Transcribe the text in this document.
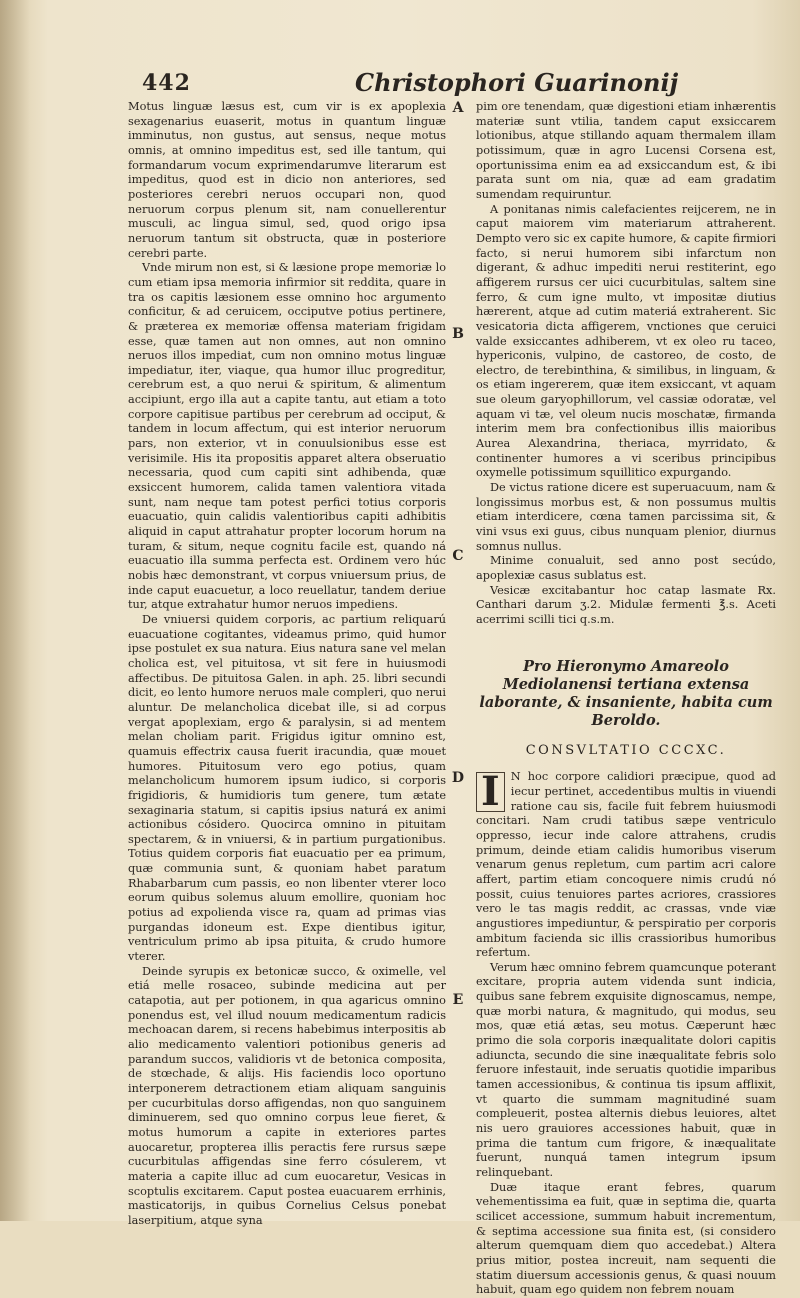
442	Christophori Guarinonij

Motus linguæ læsus est, cum vir is ex apoplexia sexagenarius euaserit, motus in quantum linguæ imminutus, non gustus, aut sensus, neque motus omnis, at omnino impeditus est, sed ille tantum, qui formandarum vocum exprimendarumve literarum est impeditus, quod est in dicio non anteriores, sed posteriores cerebri neruos occupari non, quod neruorum corpus plenum sit, nam conuellerentur musculi, ac lingua simul, sed, quod origo ipsa neruorum tantum sit obstructa, quæ in posteriore cerebri parte.

Vnde mirum non est, si & læsione prope memoriæ lo cum etiam ipsa memoria infirmior sit reddita, quare in tra os capitis læsionem esse omnino hoc argumento conficitur, & ad ceruicem, occiputve potius pertinere, & præterea ex memoriæ offensa materiam frigidam esse, quæ tamen aut non omnes, aut non omnino neruos illos impediat, cum non omnino motus linguæ impediatur, iter, viaque, qua humor illuc progreditur, cerebrum est, a quo nerui & spiritum, & alimentum accipiunt, ergo illa aut a capite tantu, aut etiam a toto corpore capitisue partibus per cerebrum ad occiput, & tandem in locum affectum, qui est interior neruorum pars, non exterior, vt in conuulsionibus esse est verisimile. His ita propositis apparet altera obseruatio necessaria, quod cum capiti sint adhibenda, quæ exsiccent humorem, calida tamen valentiora vitada sunt, nam neque tam potest perfici totius corporis euacuatio, quin calidis valentioribus capiti adhibitis aliquid in caput attrahatur propter locorum horum na turam, & situm, neque cognitu facile est, quando ná euacuatio illa summa perfecta est. Ordinem vero húc nobis hæc demonstrant, vt corpus vniuersum prius, de inde caput euacuetur, a loco reuellatur, tandem deriue tur, atque extrahatur humor neruos impediens.

De vniuersi quidem corporis, ac partium reliquarú euacuatione cogitantes, videamus primo, quid humor ipse postulet ex sua natura. Eius natura sane vel melan cholica est, vel pituitosa, vt sit fere in huiusmodi affectibus. De pituitosa Galen. in aph. 25. libri secundi dicit, eo lento humore neruos male compleri, quo nerui aluntur. De melancholica dicebat ille, si ad corpus vergat apoplexiam, ergo & paralysin, si ad mentem melan choliam parit. Frigidus igitur omnino est, quamuis effectrix causa fuerit iracundia, quæ mouet humores. Pituitosum vero ego potius, quam melancholicum humorem ipsum iudico, si corporis frigidioris, & humidioris tum genere, tum ætate sexaginaria statum, si capitis ipsius naturá ex animi actionibus cósidero. Quocirca omnino in pituitam spectarem, & in vniuersi, & in partium purgationibus. Totius quidem corporis fiat euacuatio per ea primum, quæ communia sunt, & quoniam habet paratum Rhabarbarum cum passis, eo non libenter vterer loco eorum quibus solemus aluum emollire, quoniam hoc potius ad expolienda visce ra, quam ad primas vias purgandas idoneum est. Expe dientibus igitur, ventriculum primo ab ipsa pituita, & crudo humore vterer.

Deinde syrupis ex betonicæ succo, & oximelle, vel etiá melle rosaceo, subinde medicina aut per catapotia, aut per potionem, in qua agaricus omnino ponendus est, vel illud nouum medicamentum radicis mechoacan darem, si recens habebimus interpositis ab alio medicamento valentiori potionibus generis ad parandum succos, validioris vt de betonica composita, de stœchade, & alijs. His faciendis loco oportuno interponerem detractionem etiam aliquam sanguinis per cucurbitulas dorso affigendas, non quo sanguinem diminuerem, sed quo omnino corpus leue fieret, & motus humorum a capite in exteriores partes auocaretur, propterea illis peractis fere rursus sæpe cucurbitulas affigendas sine ferro cósulerem, vt materia a capite illuc ad cum euocaretur, Vesicas in scoptulis excitarem. Caput postea euacuarem errhinis, masticatorijs, in quibus Cornelius Celsus ponebat laserpitium, atque syna

A
B
C
D
E

pim ore tenendam, quæ digestioni etiam inhærentis materiæ sunt vtilia, tandem caput exsiccarem lotionibus, atque stillando aquam thermalem illam potissimum, quæ in agro Lucensi Corsena est, oportunissima enim ea ad exsiccandum est, & ibi parata sunt om nia, quæ ad eam gradatim sumendam requiruntur.

A ponitanas nimis calefacientes reijcerem, ne in caput maiorem vim materiarum attraherent. Dempto vero sic ex capite humore, & capite firmiori facto, si nerui humorem sibi infarctum non digerant, & adhuc impediti nerui restiterint, ego affigerem rursus cer uici cucurbitulas, saltem sine ferro, & cum igne multo, vt impositæ diutius hærerent, atque ad cutim materiá extraherent. Sic vesicatoria dicta affigerem, vnctiones que ceruici valde exsiccantes adhiberem, vt ex oleo ru taceo, hypericonis, vulpino, de castoreo, de costo, de electro, de terebinthina, & similibus, in linguam, & os etiam ingererem, quæ item exsiccant, vt aquam sue oleum garyophillorum, vel cassiæ odoratæ, vel aquam vi tæ, vel oleum nucis moschatæ, firmanda interim mem bra confectionibus illis maioribus Aurea Alexandrina, theriaca, myrridato, & continenter humores a vi sceribus principibus oxymelle potissimum squillitico expurgando.

De victus ratione dicere est superuacuum, nam & longissimus morbus est, & non possumus multis etiam interdicere, cœna tamen parcissima sit, & vini vsus exi guus, cibus nunquam plenior, diurnus somnus nullus.

Minime conualuit, sed anno post secúdo, apoplexiæ casus sublatus est.

Vesicæ excitabantur hoc catap lasmate Rx. Canthari darum ʒ.2. Midulæ fermenti ℥.s. Aceti acerrimi scilli tici q.s.m.

Pro Hieronymo Amareolo Mediolanensi tertiana extensa laborante, & insaniente, habita cum Beroldo.
CONSVLTATIO CCCXC.

I N hoc corpore calidiori præcipue, quod ad iecur pertinet, accedentibus multis in viuendi ratione cau sis, facile fuit febrem huiusmodi concitari. Nam crudi tatibus sæpe ventriculo oppresso, iecur inde calore attrahens, crudis primum, deinde etiam calidis humoribus viserum venarum genus repletum, cum partim acri calore affert, partim etiam concoquere nimis crudú nó possit, cuius tenuiores partes acriores, crassiores vero le tas magis reddit, ac crassas, vnde viæ angustiores impediuntur, & perspiratio per corporis ambitum facienda sic illis crassioribus humoribus refertum.

Verum hæc omnino febrem quamcunque poterant excitare, propria autem videnda sunt indicia, quibus sane febrem exquisite dignoscamus, nempe, quæ morbi natura, & magnitudo, qui modus, seu mos, quæ etiá ætas, seu motus. Cæperunt hæc primo die sola corporis inæqualitate dolori capitis adiuncta, secundo die sine inæqualitate febris solo feruore infestauit, inde seruatis quotidie imparibus tamen accessionibus, & continua tis ipsum afflixit, vt quarto die summam magnitudiné suam compleuerit, postea alternis diebus leuiores, altet nis uero grauiores accessiones habuit, quæ in prima die tantum cum frigore, & inæqualitate fuerunt, nunquá tamen integrum ipsum relinquebant.

Duæ itaque erant febres, quarum vehementissima ea fuit, quæ in septima die, quarta scilicet accessione, summum habuit incrementum, & septima accessione sua finita est, (si considero alterum quemquam diem quo accedebat.) Altera prius mitior, postea increuit, nam sequenti die statim diuersum accessionis genus, & quasi nouum habuit, quam ego quidem non febrem nouam
